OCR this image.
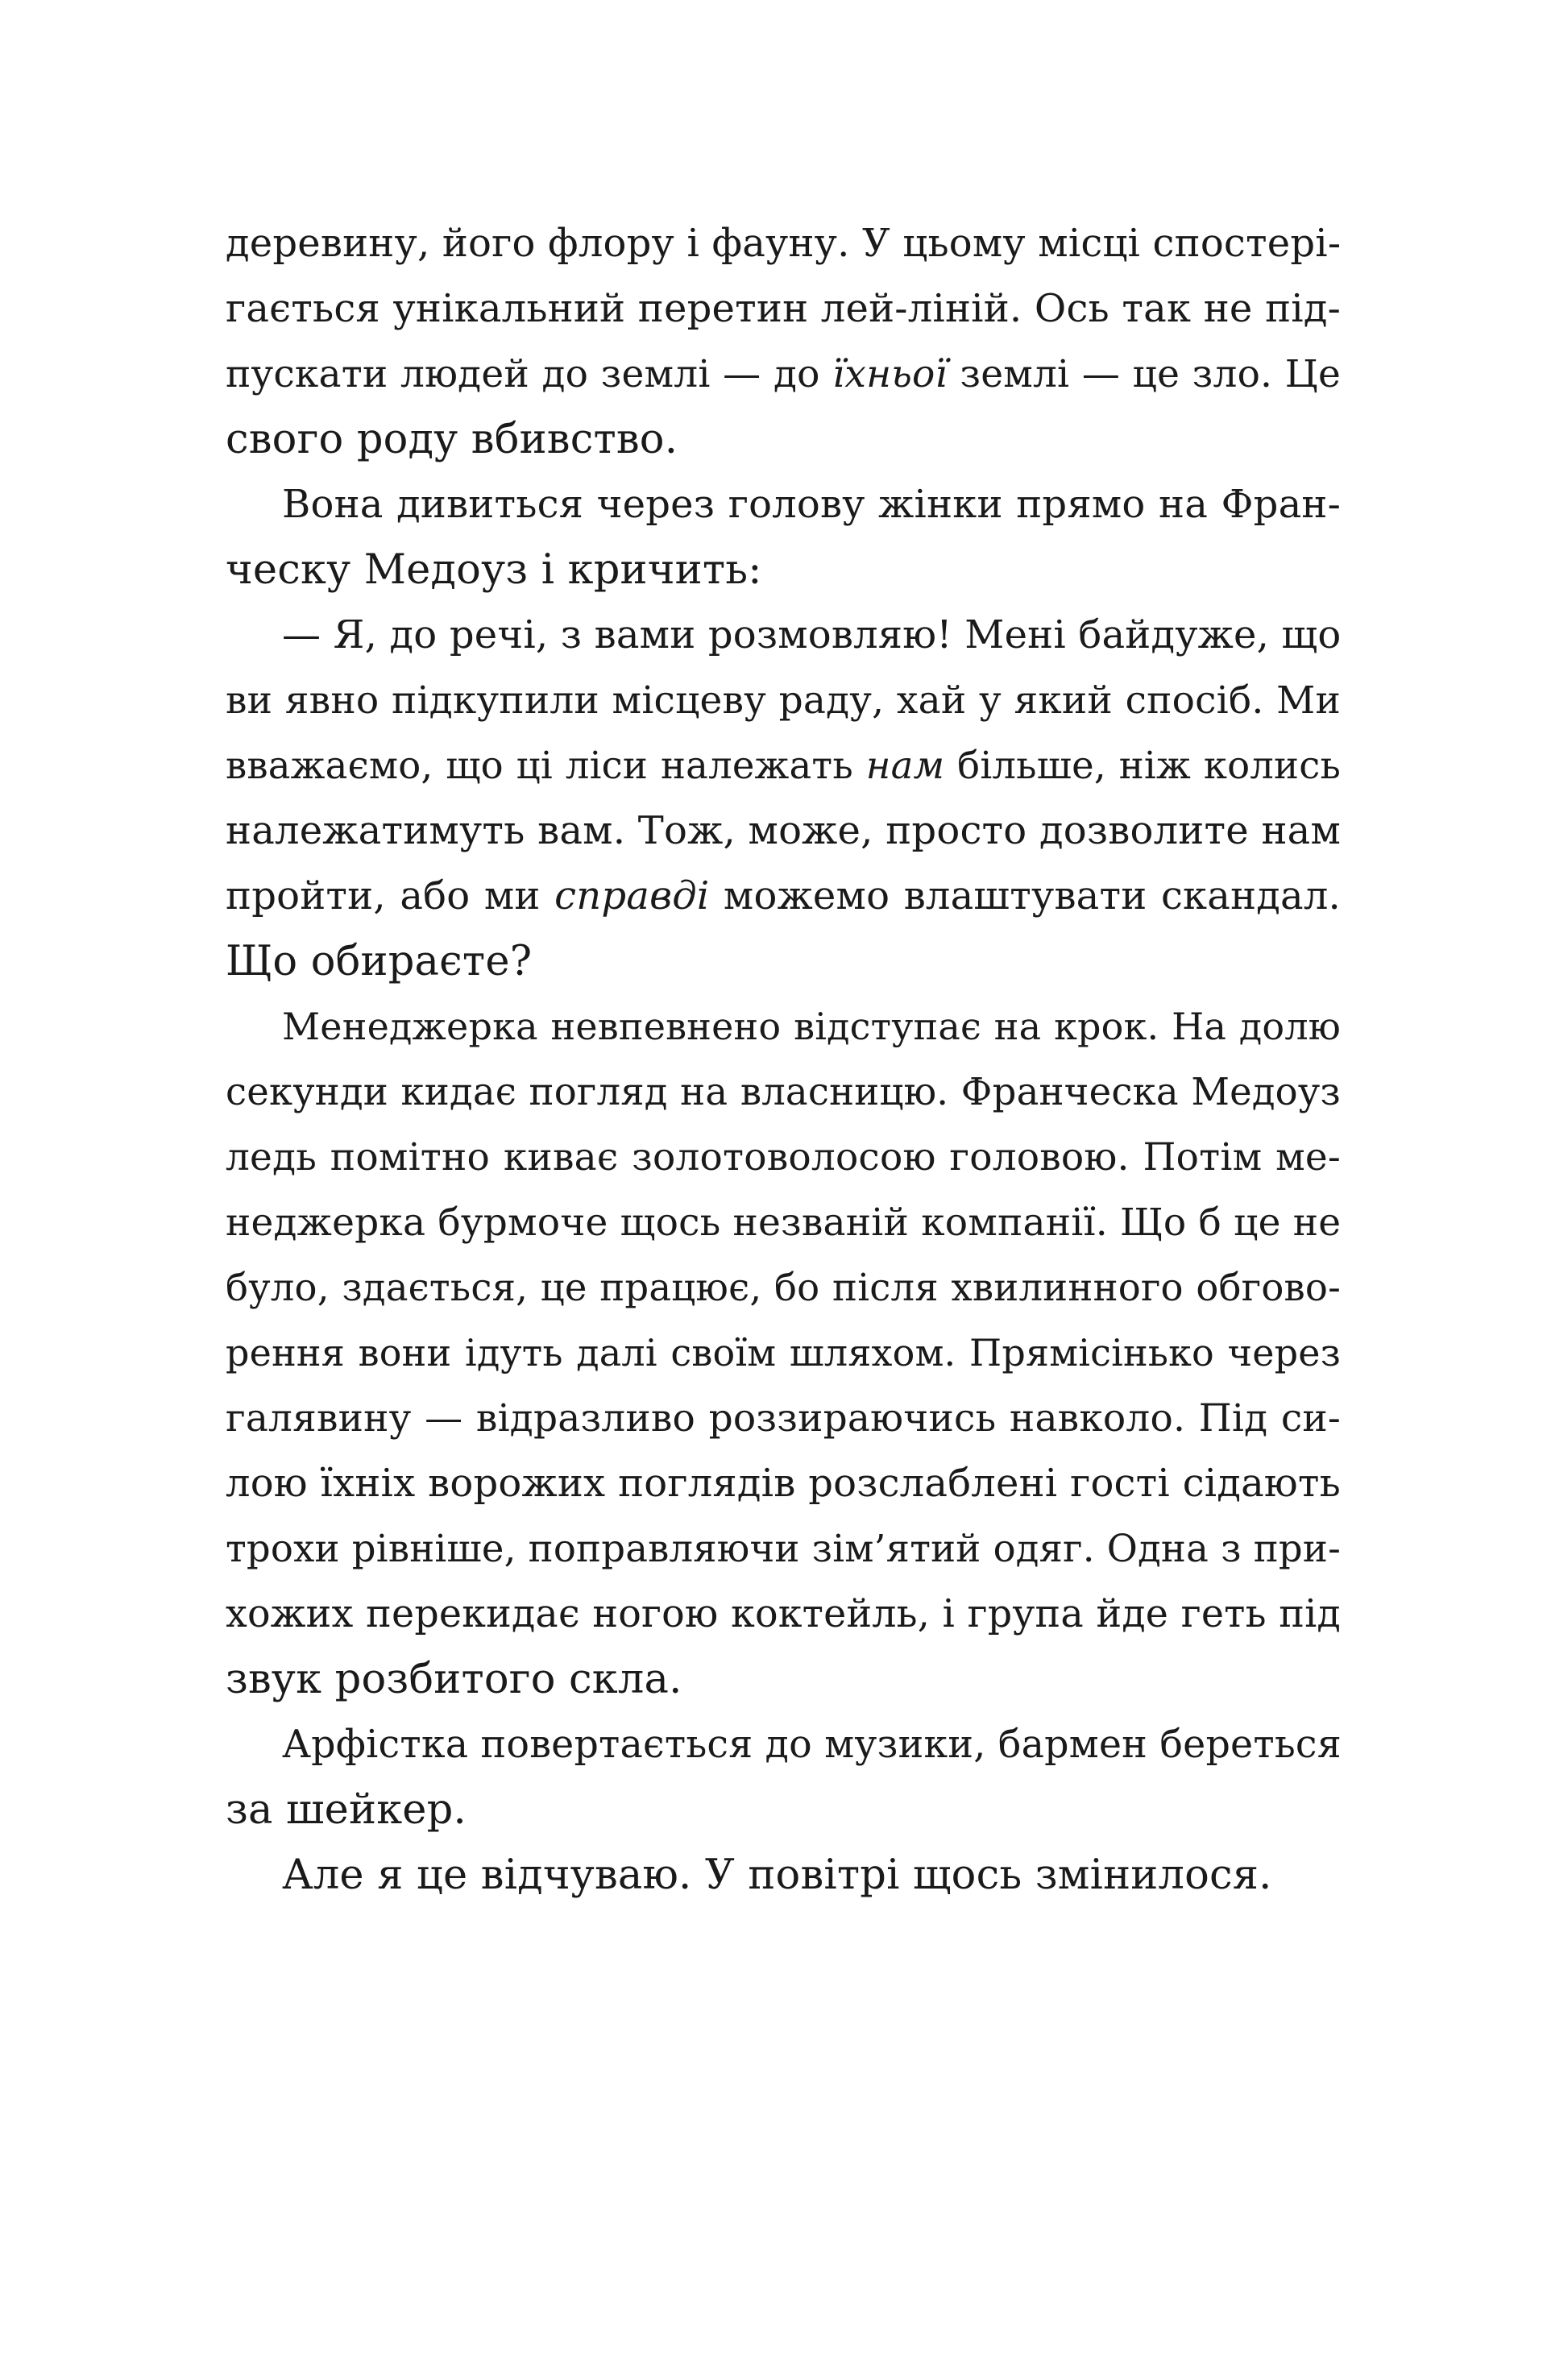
деревину, його флору і фауну. У цьому місці спостері-
гається унікальний перетин лей-ліній. Ось так не під-
пускати людей до землі — до їхньої землі — це зло. Це
свого роду вбивство.
Вона дивиться через голову жінки прямо на Фран-
ческу Медоуз і кричить:
— Я, до речі, з вами розмовляю! Мені байдуже, що
ви явно підкупили місцеву раду, хай у який спосіб. Ми
вважаємо, що ці ліси належать нам більше, ніж колись
належатимуть вам. Тож, може, просто дозволите нам
пройти, або ми справді можемо влаштувати скандал.
Що обираєте?
Менеджерка невпевнено відступає на крок. На долю
секунди кидає погляд на власницю. Франческа Медоуз
ледь помітно киває золотоволосою головою. Потім ме-
неджерка бурмоче щось незваній компанії. Що б це не
було, здається, це працює, бо після хвилинного обгово-
рення вони ідуть далі своїм шляхом. Прямісінько через
галявину — відразливо роззираючись навколо. Під си-
лою їхніх ворожих поглядів розслаблені гості сідають
трохи рівніше, поправляючи зім’ятий одяг. Одна з при-
хожих перекидає ногою коктейль, і група йде геть під
звук розбитого скла.
Арфістка повертається до музики, бармен береться
за шейкер.
Але я це відчуваю. У повітрі щось змінилося.
